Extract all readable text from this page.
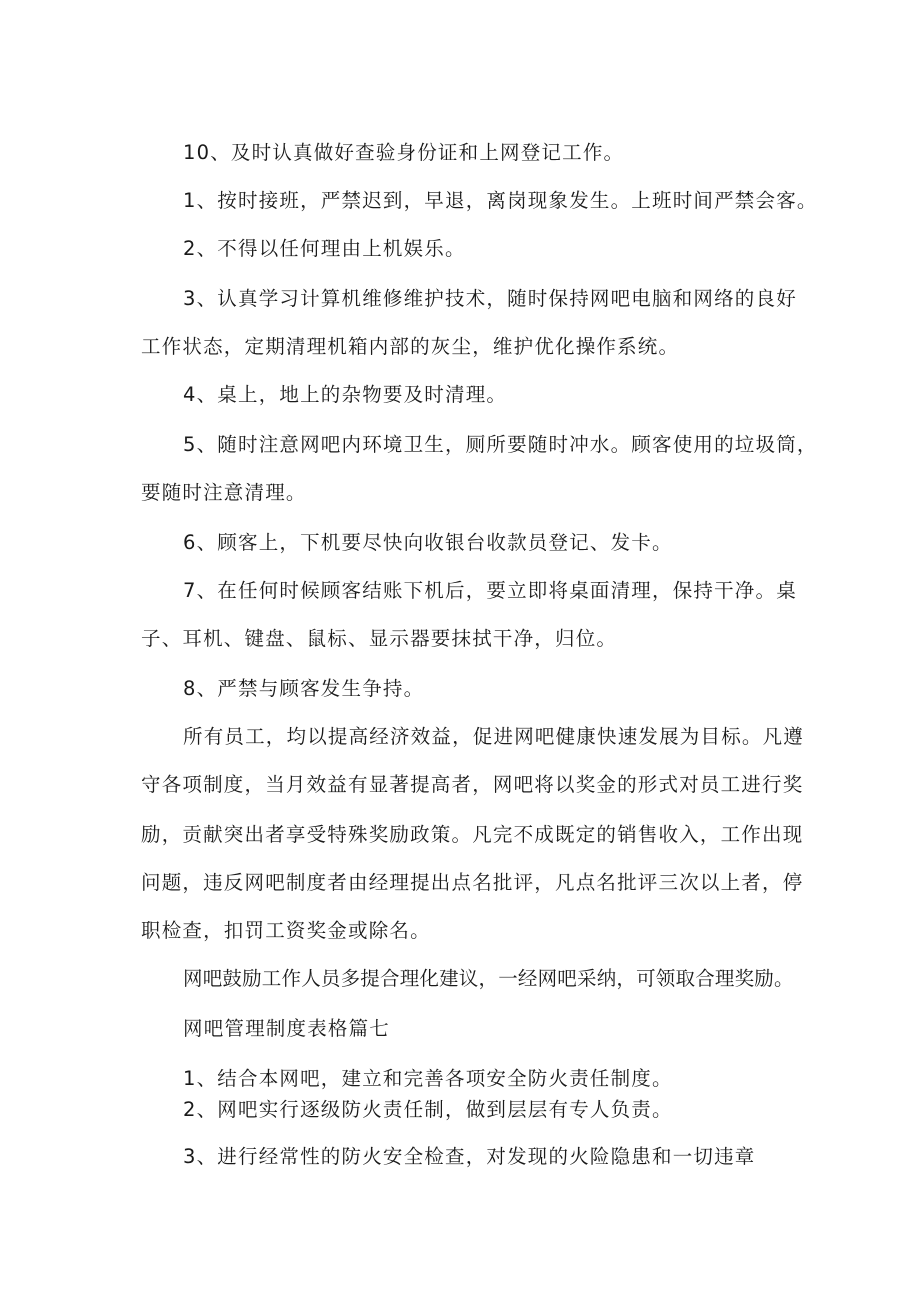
10、及时认真做好查验身份证和上网登记工作。
1、按时接班，严禁迟到，早退，离岗现象发生。上班时间严禁会客。
2、不得以任何理由上机娱乐。
3、认真学习计算机维修维护技术，随时保持网吧电脑和网络的良好
工作状态，定期清理机箱内部的灰尘，维护优化操作系统。
4、桌上，地上的杂物要及时清理。
5、随时注意网吧内环境卫生，厕所要随时冲水。顾客使用的垃圾筒，
要随时注意清理。
6、顾客上，下机要尽快向收银台收款员登记、发卡。
7、在任何时候顾客结账下机后，要立即将桌面清理，保持干净。桌
子、耳机、键盘、鼠标、显示器要抹拭干净，归位。
8、严禁与顾客发生争持。
所有员工，均以提高经济效益，促进网吧健康快速发展为目标。凡遵
守各项制度，当月效益有显著提高者，网吧将以奖金的形式对员工进行奖
励，贡献突出者享受特殊奖励政策。凡完不成既定的销售收入，工作出现
问题，违反网吧制度者由经理提出点名批评，凡点名批评三次以上者，停
职检查，扣罚工资奖金或除名。
网吧鼓励工作人员多提合理化建议，一经网吧采纳，可领取合理奖励。
网吧管理制度表格篇七
1、结合本网吧，建立和完善各项安全防火责任制度。
2、网吧实行逐级防火责任制，做到层层有专人负责。
3、进行经常性的防火安全检查，对发现的火险隐患和一切违章
